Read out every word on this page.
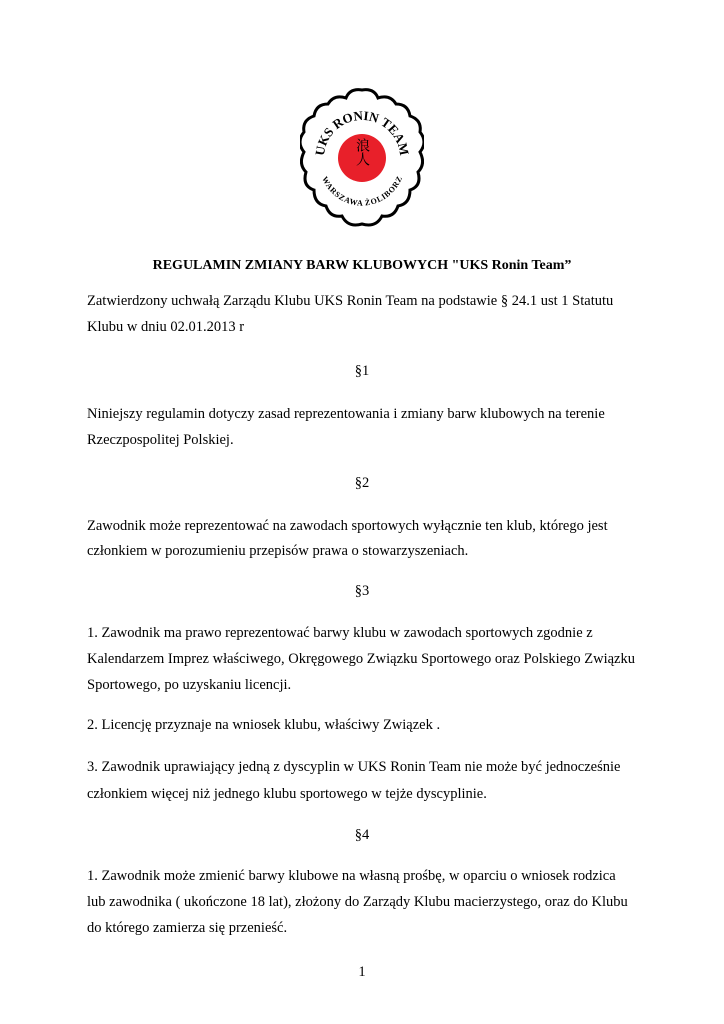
浪人
UKS RONIN TEAM
WARSZAWA ŻOLIBORZ
REGULAMIN ZMIANY BARW KLUBOWYCH "UKS Ronin Team”
Zatwierdzony uchwałą Zarządu Klubu UKS Ronin Team na podstawie § 24.1 ust 1 Statutu
Klubu w dniu 02.01.2013 r
§1
Niniejszy regulamin dotyczy zasad reprezentowania i zmiany barw klubowych na terenie
Rzeczpospolitej Polskiej.
§2
Zawodnik może reprezentować na zawodach sportowych wyłącznie ten klub, którego jest
członkiem w porozumieniu przepisów prawa o stowarzyszeniach.
§3
1. Zawodnik ma prawo reprezentować barwy klubu w zawodach sportowych zgodnie z
Kalendarzem Imprez właściwego, Okręgowego Związku Sportowego oraz Polskiego Związku
Sportowego, po uzyskaniu licencji.
2. Licencję przyznaje na wniosek klubu, właściwy Związek .
3. Zawodnik uprawiający jedną z dyscyplin w UKS Ronin Team nie może być jednocześnie
członkiem więcej niż jednego klubu sportowego w tejże dyscyplinie.
§4
1. Zawodnik może zmienić barwy klubowe na własną prośbę, w oparciu o wniosek rodzica
lub zawodnika ( ukończone 18 lat), złożony do Zarządy Klubu macierzystego, oraz do Klubu
do którego zamierza się przenieść.
1
